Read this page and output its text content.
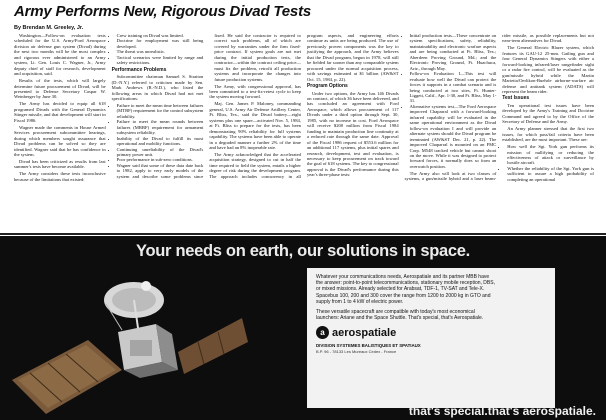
Army Performs New, Rigorous Divad Tests
By Brendan M. Greeley, Jr.

Washington—Follow-on evaluation tests scheduled for the U.S. Army/Ford Aerospace division air defense gun system (Divad) during the next two months will be the most complex and rigorous ever administered to an Army system, Lt. Gen. Louis C. Wagner, Jr., Army deputy chief of staff for research, development and acquisition, said.

Results of the tests, which will largely determine future procurement of Divad, will be presented to Defense Secretary Caspar W. Weinberger by June 30.

The Army has decided to equip all 618 programed Divads with the General Dynamics Stinger missile, and that development will start in Fiscal 1986.

Wagner made the comments in House Armed Services procurement subcommittee hearings, during which members sought assurance that Divad problems can be solved so they are identified. Wagner said that he has confidence in the system.

Divad has been criticized as results from last summer's tests have become available.

The Army considers these tests inconclusive because of the limitations that existed:

• Crew training on Divad was limited.
• Doctrine for employment was still being developed.
• The threat was unrealistic.
• Tactical scenarios were limited by range and safety restrictions.
Performance Problems

Subcommittee chairman Samuel S. Stratton (D.-N.Y.) referred to criticism made by Sen. Mark Andrews (R.-N.D.), who listed the following areas in which Divad had not met specifications:

• Failure to meet the mean time between failures (MTBF) requirement for the control subsystem reliability.
• Failure to meet the mean rounds between failures (MRBF) requirement for armament subsystem reliability.
• Inability of the Divad to fulfill its most operational and mobility functions.
• Continuing unreliability of the Divad's primary power unit.
• Poor performance in sub-zero conditions.
• Wagner said that some of these data date back to 1982, apply to very early models of the system and describe some problems since fixed. He said the contractor is required to correct such problems, all of which are covered by warranties under the firm fixed-price contract. If system goals are not met during the initial production tests, the contractor—within the contract ceiling price—must fix the problem, retrofit all production systems and incorporate the changes into future production systems.

The Army, with congressional approval, has been committed to a test-fix-retest cycle to keep the system moving forward.

Maj. Gen. James P. Maloney, commanding general, U.S. Army Air Defense Artillery Center, Ft. Bliss, Tex., said the Divad battery—eight systems plus one spare—activated Nov. 5, 1984, at Ft. Bliss to prepare for the tests, has been demonstrating 90% reliability for full systems capability. The systems have been able to operate in a degraded manner a further 2% of the time and have had an 8% inoperable rate.

The Army acknowledged that the accelerated acquisition strategy, designed to cut in half the time required to field the system, entails a higher degree of risk during the development program. The approach includes concurrency in all program aspects, and engineering efforts continue as units are being produced. The use of previously proven components was the key to justifying the approach, and the Army believes that the Divad program, begun in 1978, will still be fielded far sooner than any comparable system procured under the normal acquisition process, with savings estimated at $1 billion (AW&ST Oct. 15, 1984, p. 22).

Program Options

Under two options, the Army has 146 Divads on contract, of which 36 have been delivered, and has concluded an agreement with Ford Aerospace, which allows procurement of 117 Divads under a third option through Sept. 30, 1985, with no increase in cost. Ford Aerospace will receive $200 million from Fiscal 1984 funding to maintain production line continuity at a reduced rate through the same date. Approval of the Fiscal 1986 request of $553.6 million for an additional 117 systems, plus initial spares and research, development, test and evaluation, is necessary to keep procurement on track toward the goal of 618 systems. The key to congressional approval is the Divad's performance during this year's three-phase tests:

• Initial production tests—These concentrate on system specifications, safety, reliability, maintainability and electronic warfare aspects and are being conducted at Ft. Bliss, Tex.; Aberdeen Proving Ground, Md.; and the Electronic Proving Ground, Ft. Huachuca, Ariz., through May.
• Follow-on Evaluation I—This test will evaluate how well the Divad can protect the forces it supports in a combat scenario and is being conducted at two sites, Ft. Hunter-Liggett, Calif., Apr. 1-30, and Ft. Bliss, May 1-31.
• Alternative systems test—The Ford Aerospace improved Chaparral with a forward-looking infrared capability will be evaluated in the same operational environment as the Divad follow-on evaluation I and will provide an alternate system should the Divad program be terminated (AW&ST Dec. 21, p. 22). The improved Chaparral is mounted on an FMC Corp. M548 tracked vehicle but cannot shoot on the move. While it was designed to protect forward forces, it normally does so from an overwatch position.

The Army also will look at two classes of systems, a gun/missile hybrid and a laser beam-rider missile, as possible replacements but not near-term alternatives for Divad.

The General Electric Blazer system, which features its GAU-12 25-mm. Gatling gun and four General Dynamics Stingers with either a forward-looking infrared/laser rangefinder sight or a radar fire control, will be evaluated as the gun/missile hybrid while the Martin Marietta/Oerlikon-Buehrle airborne-warfare air defense and antitank system (ADATS) will represent the beam rider.

Test Issues

Ten operational test issues have been developed by the Army's Training and Doctrine Command and agreed to by the Office of the Secretary of Defense and the Army.

An Army planner stressed that the first two issues, for which pass/fail criteria have been established, are the most important. These are:

• How well the Sgt. York gun performs its mission of nullifying or reducing the effectiveness of attack or surveillance by hostile aircraft.
• Whether the reliability of the Sgt. York gun is sufficient to assure a high probability of completing an operational
Your needs on earth, our solutions in space.

Whatever your communications needs, Aerospatiale and its partner MBB have the answer: point-to-point telecommunications, stationary mobile reception, DBS, or mixed missions. Already selected for Arabsat, TDF-1, TV-SAT and Tele-X. Spacebus 100, 200 and 300 cover the range from 1200 to 2000 kg in GTO and supply from 1 to 4 kW of electric power.

These versatile spacecraft are compatible with today's most economical launchers: Ariane and the Space Shuttle. That's special, that's Aerospatiale.

a aerospatiale
DIVISION SYSTEMES BALISTIQUES ET SPATIAUX
B.P. 96 - 78133 Les Mureaux Cedex - France
that's special.that's aerospatiale.
